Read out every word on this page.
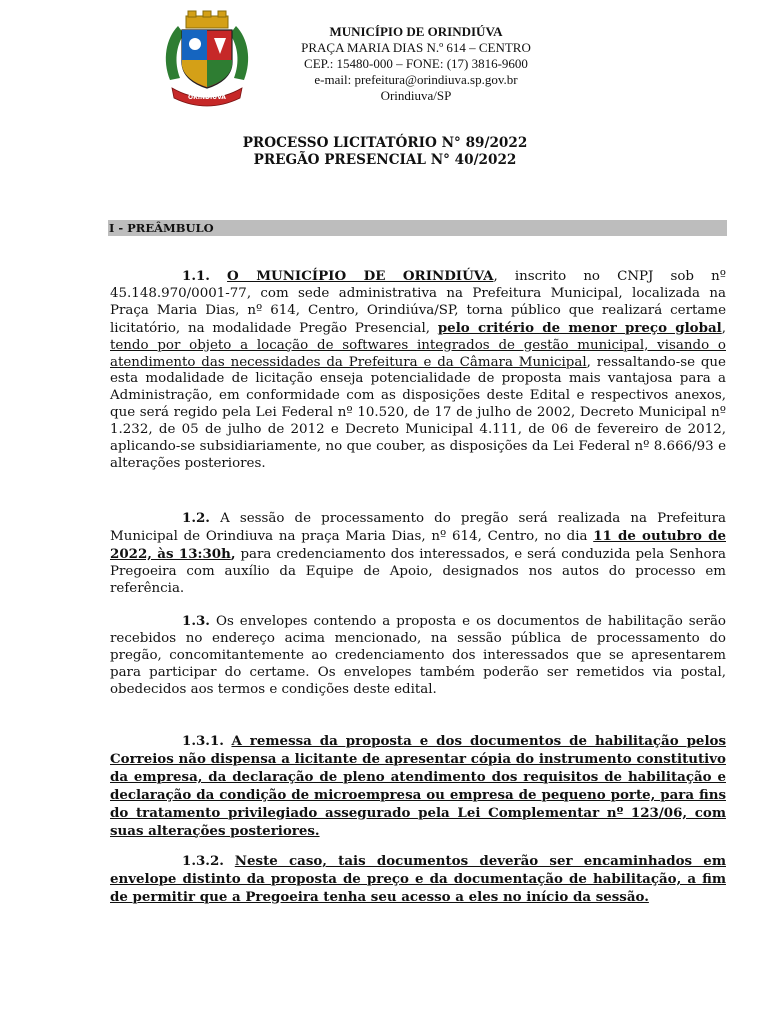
ORINDIÚVA
MUNICÍPIO DE ORINDIÚVA
PRAÇA MARIA DIAS N.º 614 – CENTRO
CEP.: 15480-000 – FONE: (17) 3816-9600
e-mail: prefeitura@orindiuva.sp.gov.br
Orindiuva/SP
PROCESSO LICITATÓRIO N° 89/2022
PREGÃO PRESENCIAL N° 40/2022
I - PREÂMBULO

1.1. O MUNICÍPIO DE ORINDIÚVA, inscrito no CNPJ sob nº 45.148.970/0001-77, com sede administrativa na Prefeitura Municipal, localizada na Praça Maria Dias, nº 614, Centro, Orindiúva/SP, torna público que realizará certame licitatório, na modalidade Pregão Presencial, pelo critério de menor preço global, tendo por objeto a locação de softwares integrados de gestão municipal, visando o atendimento das necessidades da Prefeitura e da Câmara Municipal, ressaltando-se que esta modalidade de licitação enseja potencialidade de proposta mais vantajosa para a Administração, em conformidade com as disposições deste Edital e respectivos anexos, que será regido pela Lei Federal nº 10.520, de 17 de julho de 2002, Decreto Municipal nº 1.232, de 05 de julho de 2012 e Decreto Municipal 4.111, de 06 de fevereiro de 2012, aplicando-se subsidiariamente, no que couber, as disposições da Lei Federal nº 8.666/93 e alterações posteriores.

1.2. A sessão de processamento do pregão será realizada na Prefeitura Municipal de Orindiuva na praça Maria Dias, nº 614, Centro, no dia 11 de outubro de 2022, às 13:30h, para credenciamento dos interessados, e será conduzida pela Senhora Pregoeira com auxílio da Equipe de Apoio, designados nos autos do processo em referência.

1.3. Os envelopes contendo a proposta e os documentos de habilitação serão recebidos no endereço acima mencionado, na sessão pública de processamento do pregão, concomitantemente ao credenciamento dos interessados que se apresentarem para participar do certame. Os envelopes também poderão ser remetidos via postal, obedecidos aos termos e condições deste edital.

1.3.1. A remessa da proposta e dos documentos de habilitação pelos Correios não dispensa a licitante de apresentar cópia do instrumento constitutivo da empresa, da declaração de pleno atendimento dos requisitos de habilitação e declaração da condição de microempresa ou empresa de pequeno porte, para fins do tratamento privilegiado assegurado pela Lei Complementar nº 123/06, com suas alterações posteriores.

1.3.2. Neste caso, tais documentos deverão ser encaminhados em envelope distinto da proposta de preço e da documentação de habilitação, a fim de permitir que a Pregoeira tenha seu acesso a eles no início da sessão.
